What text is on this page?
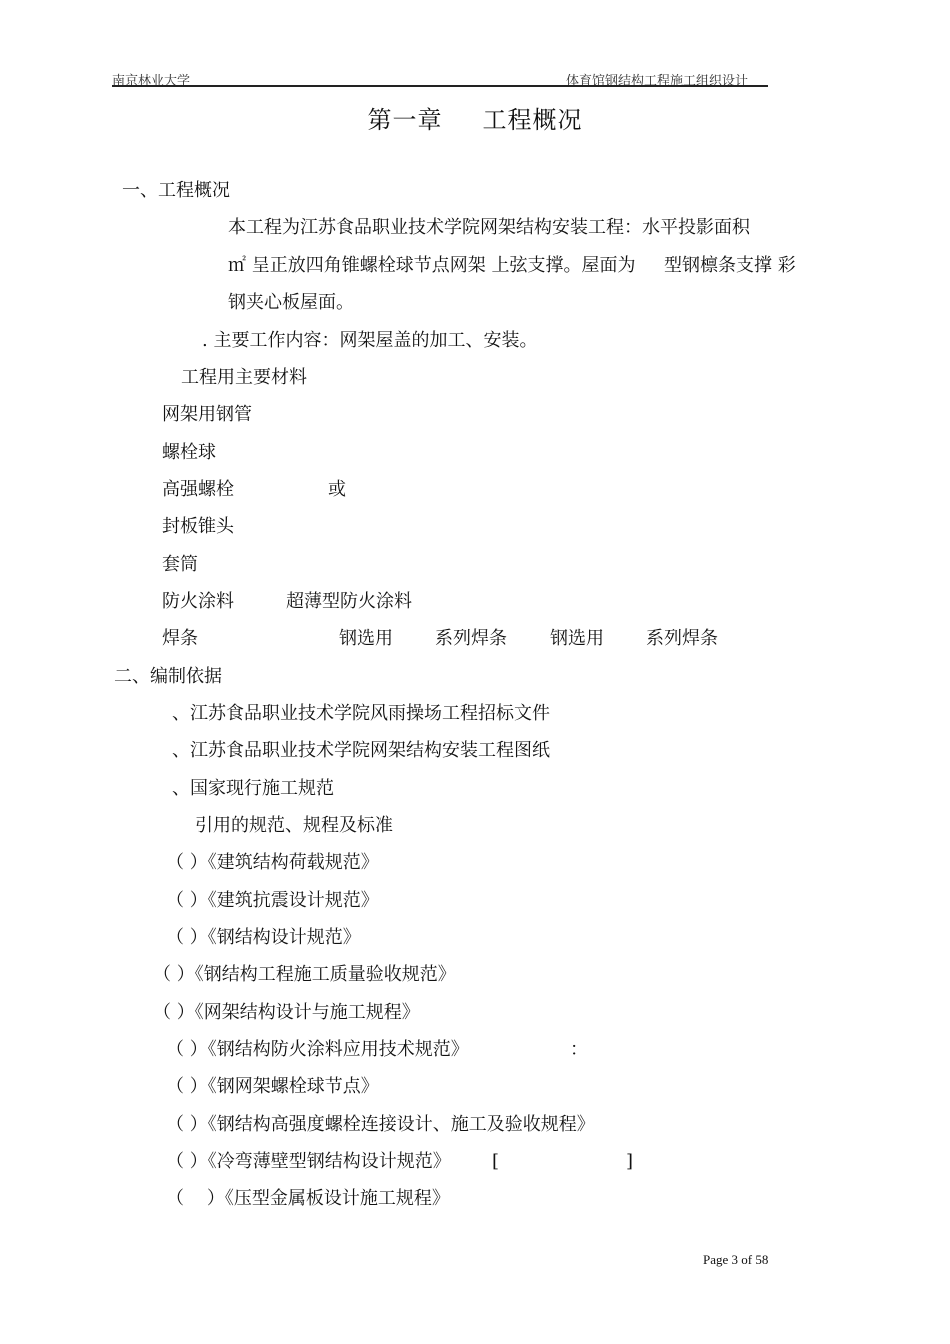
南京林业大学	体育馆钢结构工程施工组织设计
第一章 工程概况
一、工程概况
本工程为江苏食品职业技术学院网架结构安装工程：水平投影面积
㎡ 呈正放四角锥螺栓球节点网架 上弦支撑。屋面为     型钢檩条支撑 彩
钢夹心板屋面。
. 主要工作内容：网架屋盖的加工、安装。
工程用主要材料
网架用钢管
螺栓球
高强螺栓	或
封板锥头
套筒
防火涂料	超薄型防火涂料
焊条	钢选用 系列焊条 钢选用 系列焊条
二、编制依据
、江苏食品职业技术学院风雨操场工程招标文件
、江苏食品职业技术学院网架结构安装工程图纸
、国家现行施工规范
引用的规范、规程及标准
（ ）《建筑结构荷载规范》
（ ）《建筑抗震设计规范》
（ ）《钢结构设计规范》
（ ）《钢结构工程施工质量验收规范》
（ ）《网架结构设计与施工规程》
（ ）《钢结构防火涂料应用技术规范》	：
（ ）《钢网架螺栓球节点》
（ ）《钢结构高强度螺栓连接设计、施工及验收规程》
（ ）《冷弯薄壁型钢结构设计规范》 [	]
（    ）《压型金属板设计施工规程》
Page 3 of 58
